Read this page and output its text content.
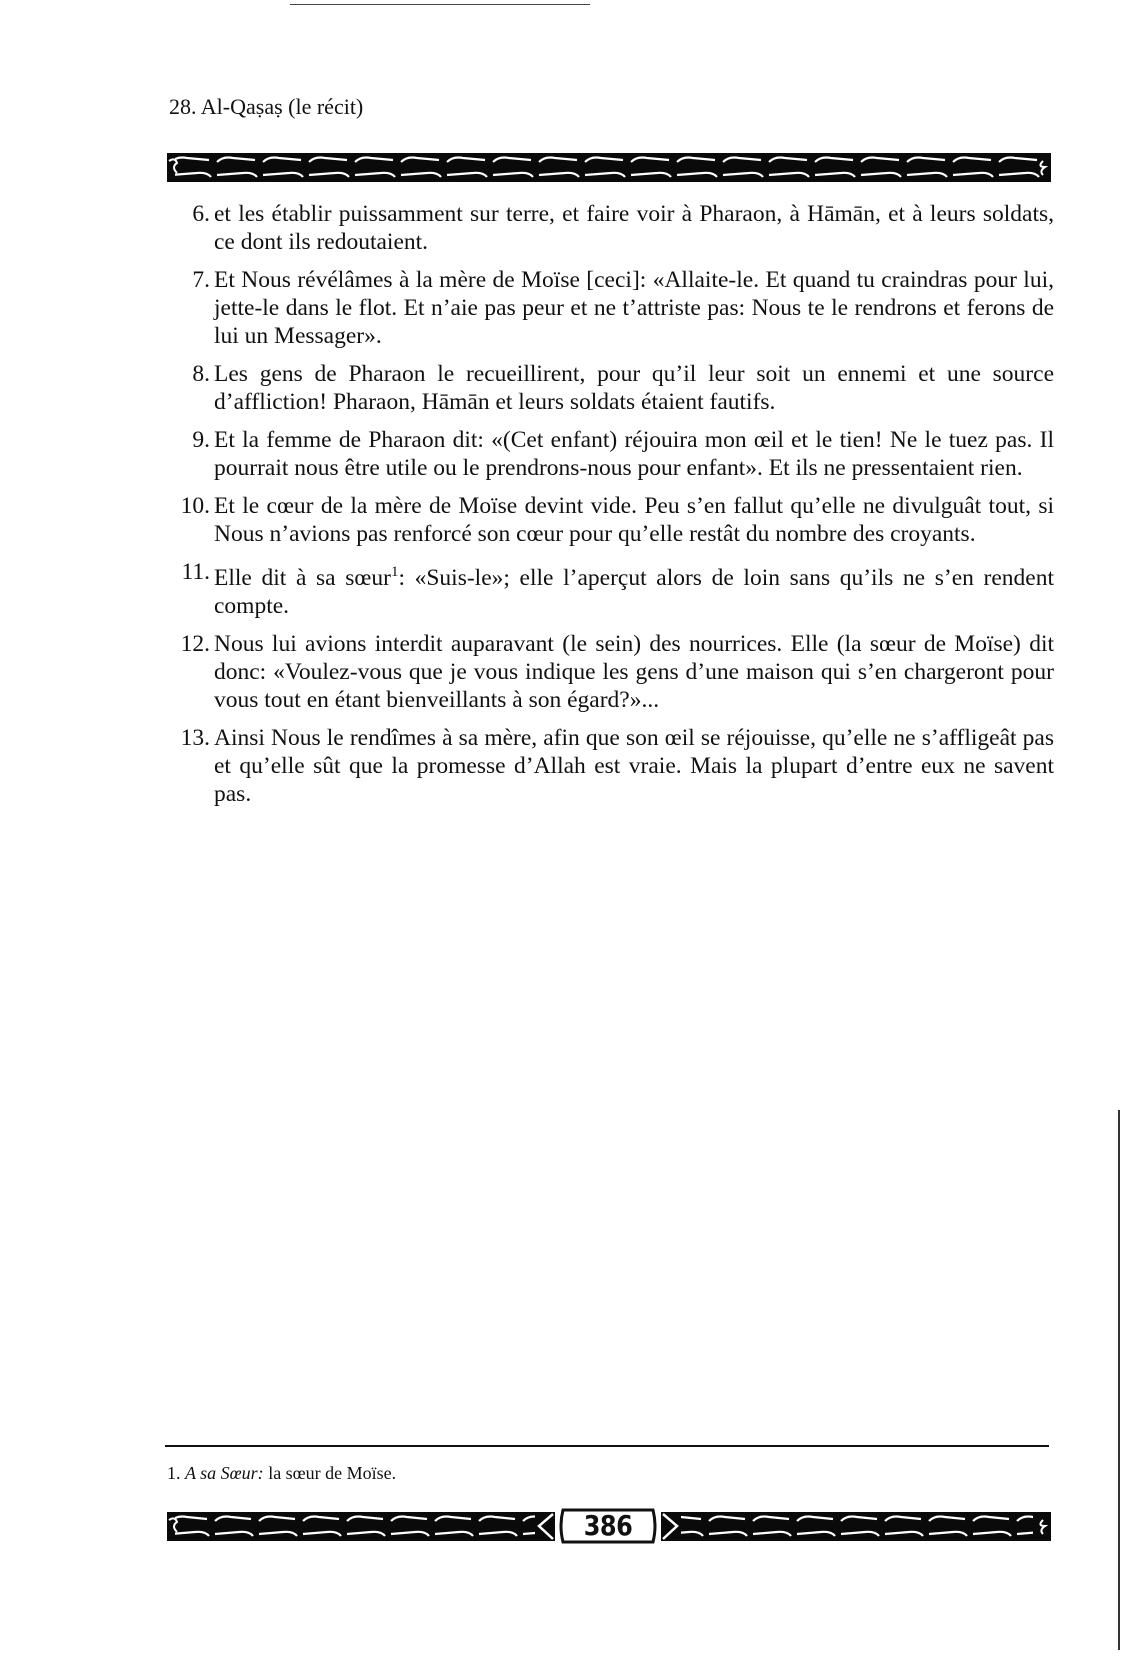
28. Al-Qaṣaṣ (le récit)
6. et les établir puissamment sur terre, et faire voir à Pharaon, à Hāmān, et à leurs soldats, ce dont ils redoutaient.
7. Et Nous révélâmes à la mère de Moïse [ceci]: «Allaite-le. Et quand tu craindras pour lui, jette-le dans le flot. Et n’aie pas peur et ne t’attriste pas: Nous te le rendrons et ferons de lui un Messager».
8. Les gens de Pharaon le recueillirent, pour qu’il leur soit un ennemi et une source d’affliction! Pharaon, Hāmān et leurs soldats étaient fautifs.
9. Et la femme de Pharaon dit: «(Cet enfant) réjouira mon œil et le tien! Ne le tuez pas. Il pourrait nous être utile ou le prendrons-nous pour enfant». Et ils ne pressentaient rien.
10. Et le cœur de la mère de Moïse devint vide. Peu s’en fallut qu’elle ne divulguât tout, si Nous n’avions pas renforcé son cœur pour qu’elle restât du nombre des croyants.
11. Elle dit à sa sœur$^1$: «Suis-le»; elle l’aperçut alors de loin sans qu’ils ne s’en rendent compte.
12. Nous lui avions interdit auparavant (le sein) des nourrices. Elle (la sœur de Moïse) dit donc: «Voulez-vous que je vous indique les gens d’une maison qui s’en chargeront pour vous tout en étant bienveillants à son égard?»...
13. Ainsi Nous le rendîmes à sa mère, afin que son œil se réjouisse, qu’elle ne s’affligeât pas et qu’elle sût que la promesse d’Allah est vraie. Mais la plupart d’entre eux ne savent pas.
1. A sa Sœur: la sœur de Moïse.
386
